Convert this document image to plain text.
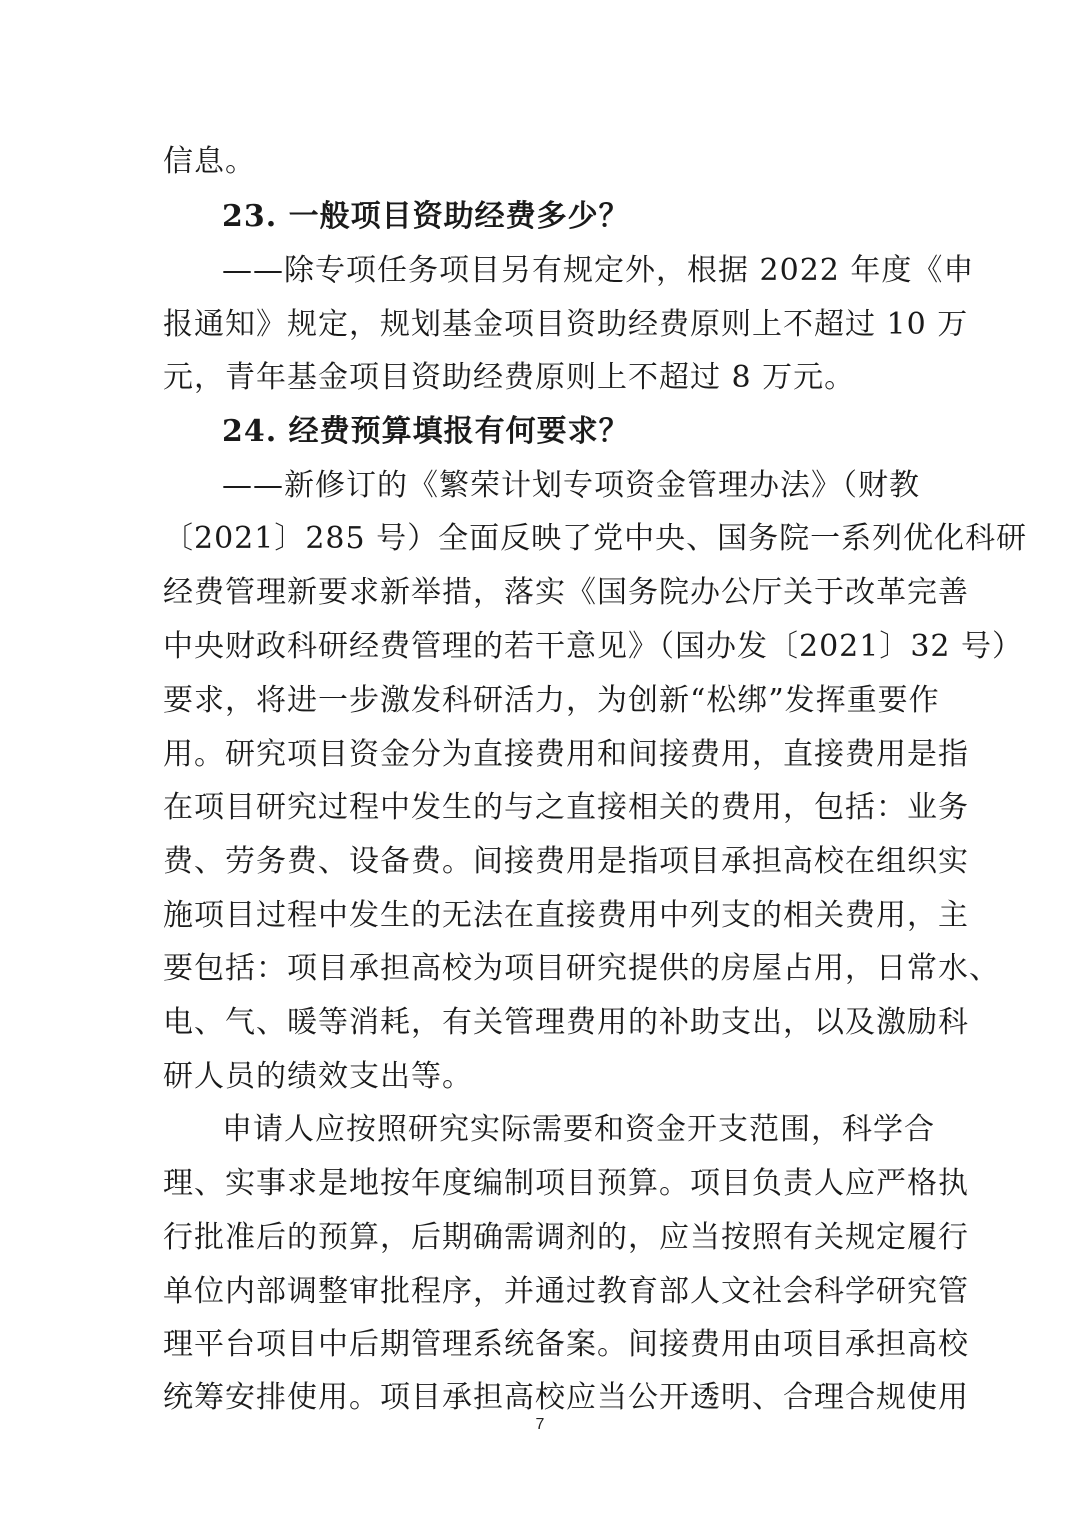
信息。
23. 一般项目资助经费多少？
——除专项任务项目另有规定外，根据 2022 年度《申
报通知》规定，规划基金项目资助经费原则上不超过 10 万
元，青年基金项目资助经费原则上不超过 8 万元。
24. 经费预算填报有何要求？
——新修订的《繁荣计划专项资金管理办法》（财教
〔2021〕285 号）全面反映了党中央、国务院一系列优化科研
经费管理新要求新举措，落实《国务院办公厅关于改革完善
中央财政科研经费管理的若干意见》（国办发〔2021〕32 号）
要求，将进一步激发科研活力，为创新“松绑”发挥重要作
用。研究项目资金分为直接费用和间接费用，直接费用是指
在项目研究过程中发生的与之直接相关的费用，包括：业务
费、劳务费、设备费。间接费用是指项目承担高校在组织实
施项目过程中发生的无法在直接费用中列支的相关费用，主
要包括：项目承担高校为项目研究提供的房屋占用，日常水、
电、气、暖等消耗，有关管理费用的补助支出，以及激励科
研人员的绩效支出等。
申请人应按照研究实际需要和资金开支范围，科学合
理、实事求是地按年度编制项目预算。项目负责人应严格执
行批准后的预算，后期确需调剂的，应当按照有关规定履行
单位内部调整审批程序，并通过教育部人文社会科学研究管
理平台项目中后期管理系统备案。间接费用由项目承担高校
统筹安排使用。项目承担高校应当公开透明、合理合规使用
7
